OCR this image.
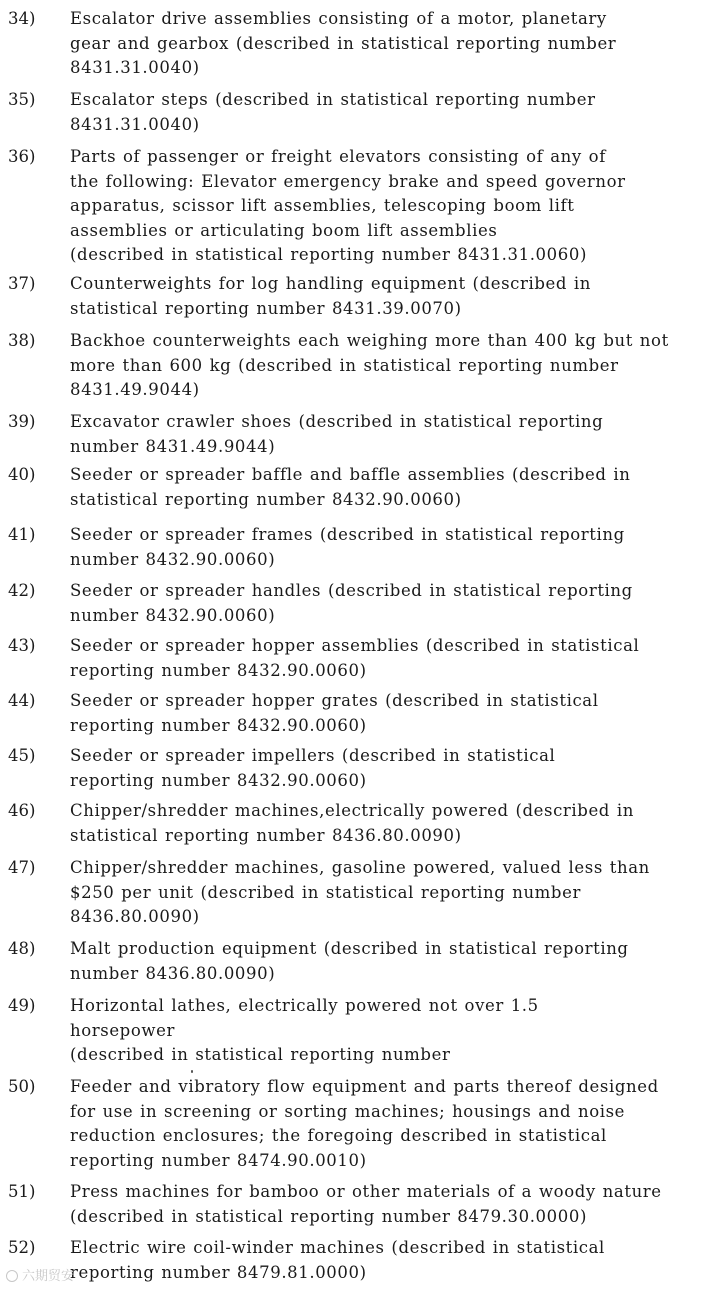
34) Escalator drive assemblies consisting of a motor, planetary
gear and gearbox (described in statistical reporting number
8431.31.0040)
35) Escalator steps (described in statistical reporting number
8431.31.0040)
36) Parts of passenger or freight elevators consisting of any of
the following: Elevator emergency brake and speed governor
apparatus, scissor lift assemblies, telescoping boom lift
assemblies or articulating boom lift assemblies
(described in statistical reporting number 8431.31.0060)
37) Counterweights for log handling equipment (described in
statistical reporting number 8431.39.0070)
38) Backhoe counterweights each weighing more than 400 kg but not
more than 600 kg (described in statistical reporting number
8431.49.9044)
39) Excavator crawler shoes (described in statistical reporting
number 8431.49.9044)
40) Seeder or spreader baffle and baffle assemblies (described in
statistical reporting number 8432.90.0060)
41) Seeder or spreader frames (described in statistical reporting
number 8432.90.0060)
42) Seeder or spreader handles (described in statistical reporting
number 8432.90.0060)
43) Seeder or spreader hopper assemblies (described in statistical
reporting number 8432.90.0060)
44) Seeder or spreader hopper grates (described in statistical
reporting number 8432.90.0060)
45) Seeder or spreader impellers (described in statistical
reporting number 8432.90.0060)
46) Chipper/shredder machines,electrically powered (described in
statistical reporting number 8436.80.0090)
47) Chipper/shredder machines, gasoline powered, valued less than
$250 per unit (described in statistical reporting number
8436.80.0090)
48) Malt production equipment (described in statistical reporting
number 8436.80.0090)
49) Horizontal lathes, electrically powered not over 1.5
horsepower
(described in statistical reporting number
50) Feeder and vibratory flow equipment and parts thereof designed
for use in screening or sorting machines; housings and noise
reduction enclosures; the foregoing described in statistical
reporting number 8474.90.0010)
51) Press machines for bamboo or other materials of a woody nature
(described in statistical reporting number 8479.30.0000)
52) Electric wire coil-winder machines (described in statistical
reporting number 8479.81.0000)
六期贸安
